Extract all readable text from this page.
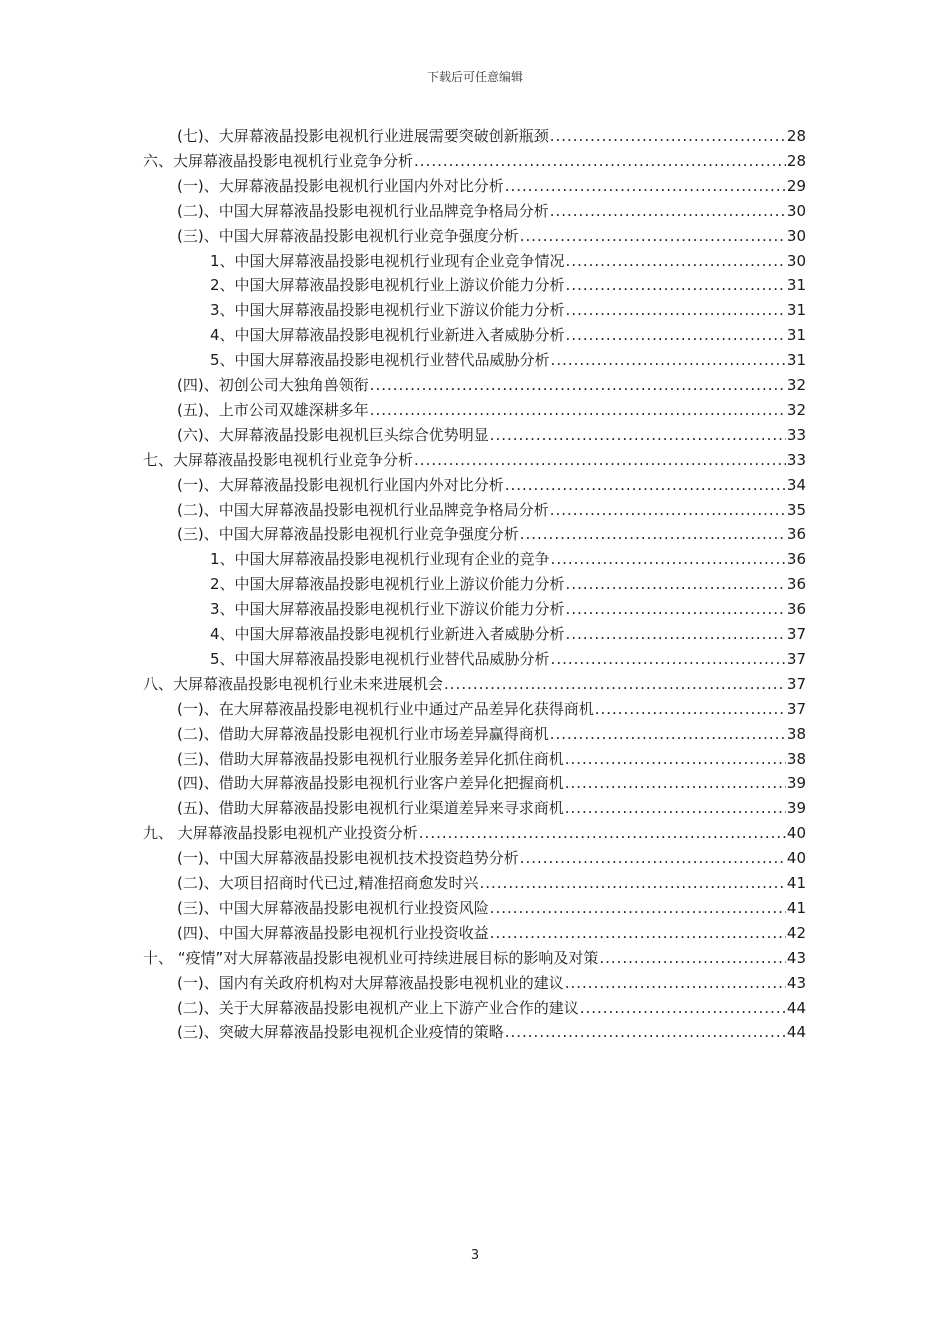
下载后可任意编辑
(七)、大屏幕液晶投影电视机行业进展需要突破创新瓶颈 .....	28
六、大屏幕液晶投影电视机行业竞争分析 .....	28
(一)、大屏幕液晶投影电视机行业国内外对比分析 .....	29
(二)、中国大屏幕液晶投影电视机行业品牌竞争格局分析 .....	30
(三)、中国大屏幕液晶投影电视机行业竞争强度分析 .....	30
1、中国大屏幕液晶投影电视机行业现有企业竞争情况 .....	30
2、中国大屏幕液晶投影电视机行业上游议价能力分析 .....	31
3、中国大屏幕液晶投影电视机行业下游议价能力分析 .....	31
4、中国大屏幕液晶投影电视机行业新进入者威胁分析 .....	31
5、中国大屏幕液晶投影电视机行业替代品威胁分析 .....	31
(四)、初创公司大独角兽领衔 .....	32
(五)、上市公司双雄深耕多年 .....	32
(六)、大屏幕液晶投影电视机巨头综合优势明显 .....	33
七、大屏幕液晶投影电视机行业竞争分析 .....	33
(一)、大屏幕液晶投影电视机行业国内外对比分析 .....	34
(二)、中国大屏幕液晶投影电视机行业品牌竞争格局分析 .....	35
(三)、中国大屏幕液晶投影电视机行业竞争强度分析 .....	36
1、中国大屏幕液晶投影电视机行业现有企业的竞争 .....	36
2、中国大屏幕液晶投影电视机行业上游议价能力分析 .....	36
3、中国大屏幕液晶投影电视机行业下游议价能力分析 .....	36
4、中国大屏幕液晶投影电视机行业新进入者威胁分析 .....	37
5、中国大屏幕液晶投影电视机行业替代品威胁分析 .....	37
八、大屏幕液晶投影电视机行业未来进展机会 .....	37
(一)、在大屏幕液晶投影电视机行业中通过产品差异化获得商机 .....	37
(二)、借助大屏幕液晶投影电视机行业市场差异赢得商机 .....	38
(三)、借助大屏幕液晶投影电视机行业服务差异化抓住商机 .....	38
(四)、借助大屏幕液晶投影电视机行业客户差异化把握商机 .....	39
(五)、借助大屏幕液晶投影电视机行业渠道差异来寻求商机 .....	39
九、 大屏幕液晶投影电视机产业投资分析 .....	40
(一)、中国大屏幕液晶投影电视机技术投资趋势分析 .....	40
(二)、大项目招商时代已过,精准招商愈发时兴 .....	41
(三)、中国大屏幕液晶投影电视机行业投资风险 .....	41
(四)、中国大屏幕液晶投影电视机行业投资收益 .....	42
十、 “疫情”对大屏幕液晶投影电视机业可持续进展目标的影响及对策 .....	43
(一)、国内有关政府机构对大屏幕液晶投影电视机业的建议 .....	43
(二)、关于大屏幕液晶投影电视机产业上下游产业合作的建议 .....	44
(三)、突破大屏幕液晶投影电视机企业疫情的策略 .....	44
3
